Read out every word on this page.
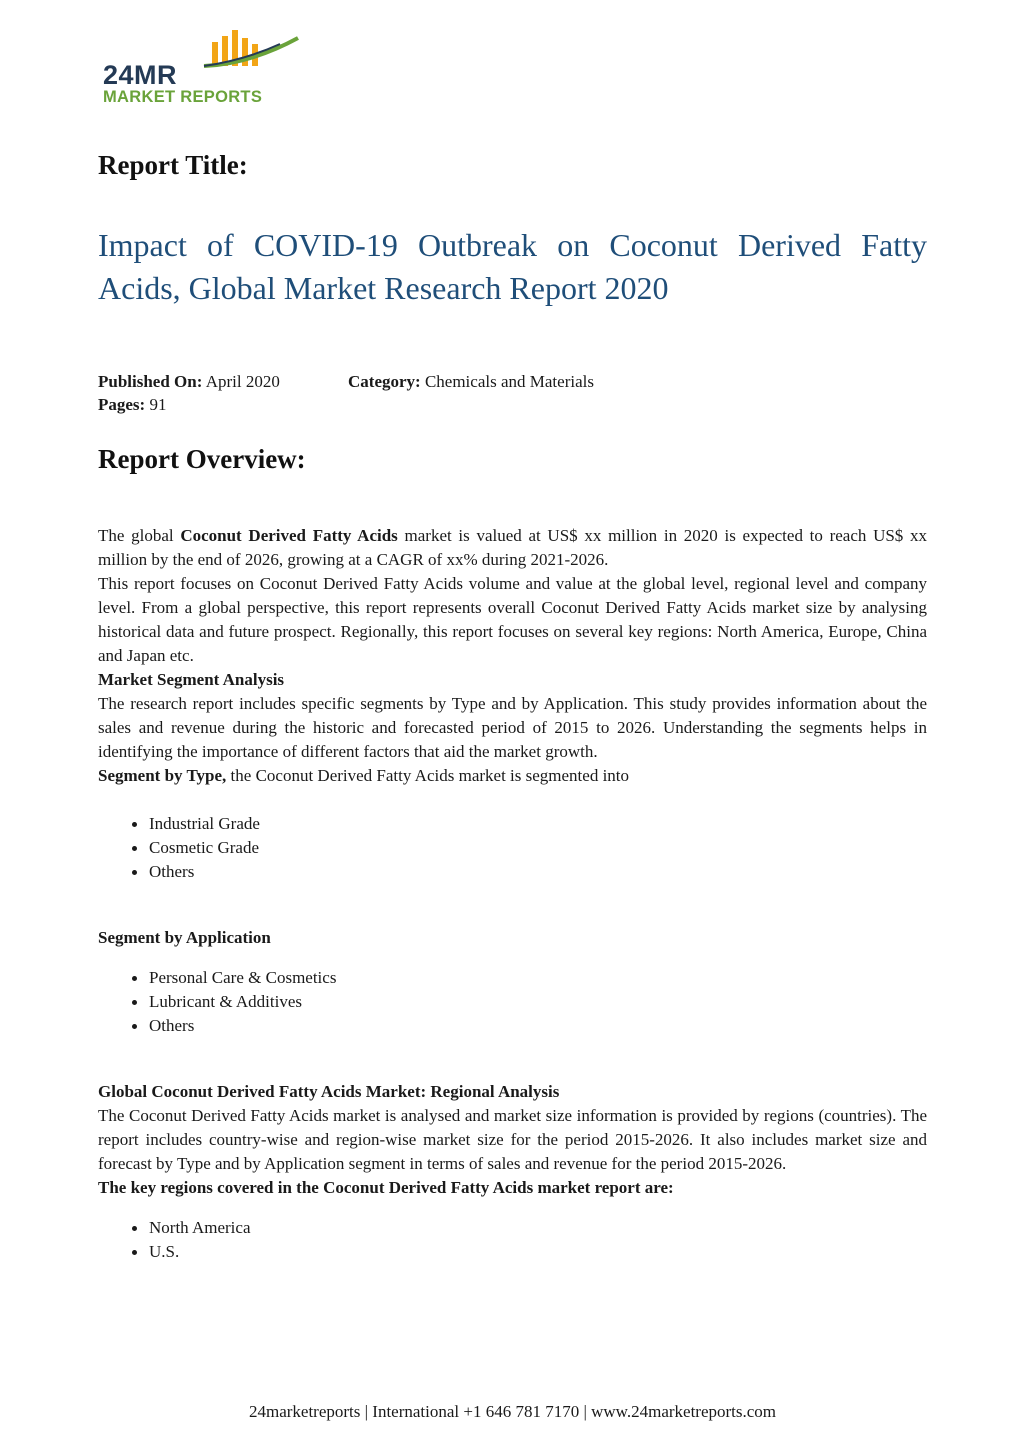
24MR
MARKET REPORTS
Report Title:
Impact of COVID-19 Outbreak on Coconut Derived Fatty Acids, Global Market Research Report 2020
Published On: April 2020	Category: Chemicals and Materials
Pages: 91
Report Overview:

The global Coconut Derived Fatty Acids market is valued at US$ xx million in 2020 is expected to reach US$ xx million by the end of 2026, growing at a CAGR of xx% during 2021-2026.

This report focuses on Coconut Derived Fatty Acids volume and value at the global level, regional level and company level. From a global perspective, this report represents overall Coconut Derived Fatty Acids market size by analysing historical data and future prospect. Regionally, this report focuses on several key regions: North America, Europe, China and Japan etc.

Market Segment Analysis

The research report includes specific segments by Type and by Application. This study provides information about the sales and revenue during the historic and forecasted period of 2015 to 2026. Understanding the segments helps in identifying the importance of different factors that aid the market growth.

Segment by Type, the Coconut Derived Fatty Acids market is segmented into

Industrial Grade
Cosmetic Grade
Others

Segment by Application

Personal Care & Cosmetics
Lubricant & Additives
Others

Global Coconut Derived Fatty Acids Market: Regional Analysis

The Coconut Derived Fatty Acids market is analysed and market size information is provided by regions (countries). The report includes country-wise and region-wise market size for the period 2015-2026. It also includes market size and forecast by Type and by Application segment in terms of sales and revenue for the period 2015-2026.

The key regions covered in the Coconut Derived Fatty Acids market report are:

North America
U.S.
24marketreports | International +1 646 781 7170 | www.24marketreports.com
